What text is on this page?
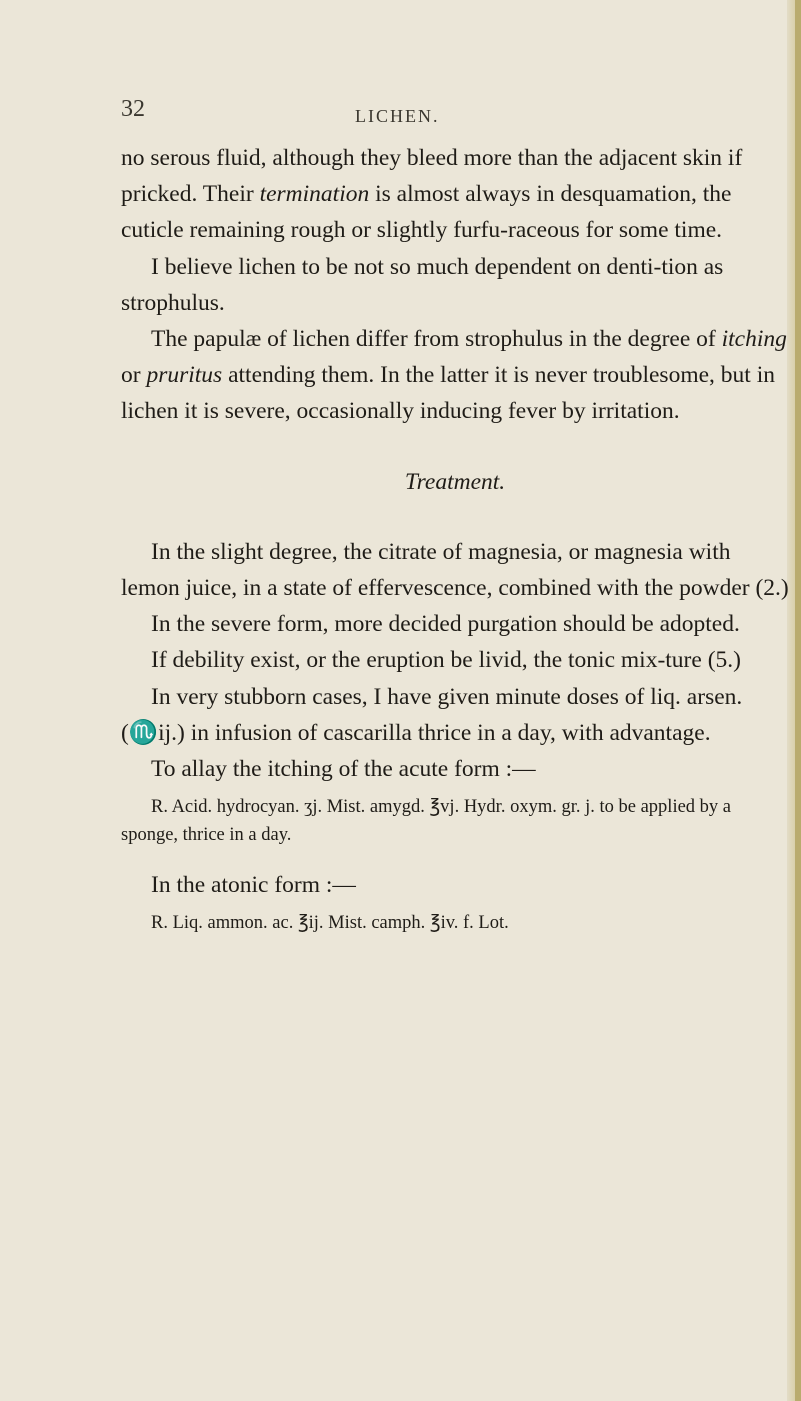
32	LICHEN.

no serous fluid, although they bleed more than the adjacent skin if pricked. Their termination is almost always in desquamation, the cuticle remaining rough or slightly furfu-raceous for some time.

I believe lichen to be not so much dependent on denti-tion as strophulus.

The papulæ of lichen differ from strophulus in the degree of itching or pruritus attending them. In the latter it is never troublesome, but in lichen it is severe, occasionally inducing fever by irritation.

Treatment.

In the slight degree, the citrate of magnesia, or magnesia with lemon juice, in a state of effervescence, combined with the powder (2.)

In the severe form, more decided purgation should be adopted.

If debility exist, or the eruption be livid, the tonic mix-ture (5.)

In very stubborn cases, I have given minute doses of liq. arsen. (♏ij.) in infusion of cascarilla thrice in a day, with advantage.

To allay the itching of the acute form :—

R. Acid. hydrocyan. ʒj. Mist. amygd. ℥vj. Hydr. oxym. gr. j. to be applied by a sponge, thrice in a day.

In the atonic form :—

R. Liq. ammon. ac. ℥ij. Mist. camph. ℥iv. f. Lot.
